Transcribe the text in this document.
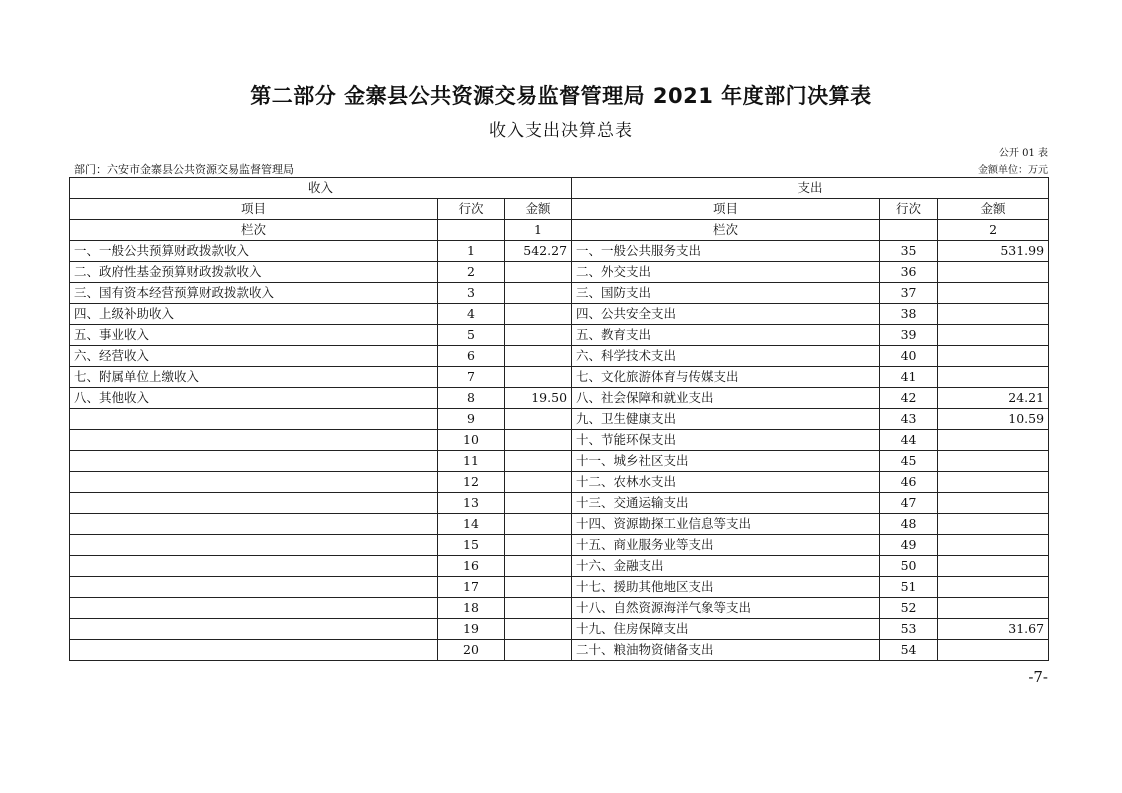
第二部分 金寨县公共资源交易监督管理局 2021 年度部门决算表
收入支出决算总表
公开 01 表
部门：六安市金寨县公共资源交易监督管理局	金额单位：万元
收入			支出		
项目	行次	金额	项目	行次	金额
栏次		1	栏次		2
一、一般公共预算财政拨款收入	1	542.27	一、一般公共服务支出	35	531.99
二、政府性基金预算财政拨款收入	2		二、外交支出	36	
三、国有资本经营预算财政拨款收入	3		三、国防支出	37	
四、上级补助收入	4		四、公共安全支出	38	
五、事业收入	5		五、教育支出	39	
六、经营收入	6		六、科学技术支出	40	
七、附属单位上缴收入	7		七、文化旅游体育与传媒支出	41	
八、其他收入	8	19.50	八、社会保障和就业支出	42	24.21
	9		九、卫生健康支出	43	10.59
	10		十、节能环保支出	44	
	11		十一、城乡社区支出	45	
	12		十二、农林水支出	46	
	13		十三、交通运输支出	47	
	14		十四、资源勘探工业信息等支出	48	
	15		十五、商业服务业等支出	49	
	16		十六、金融支出	50	
	17		十七、援助其他地区支出	51	
	18		十八、自然资源海洋气象等支出	52	
	19		十九、住房保障支出	53	31.67
	20		二十、粮油物资储备支出	54	
-7-
